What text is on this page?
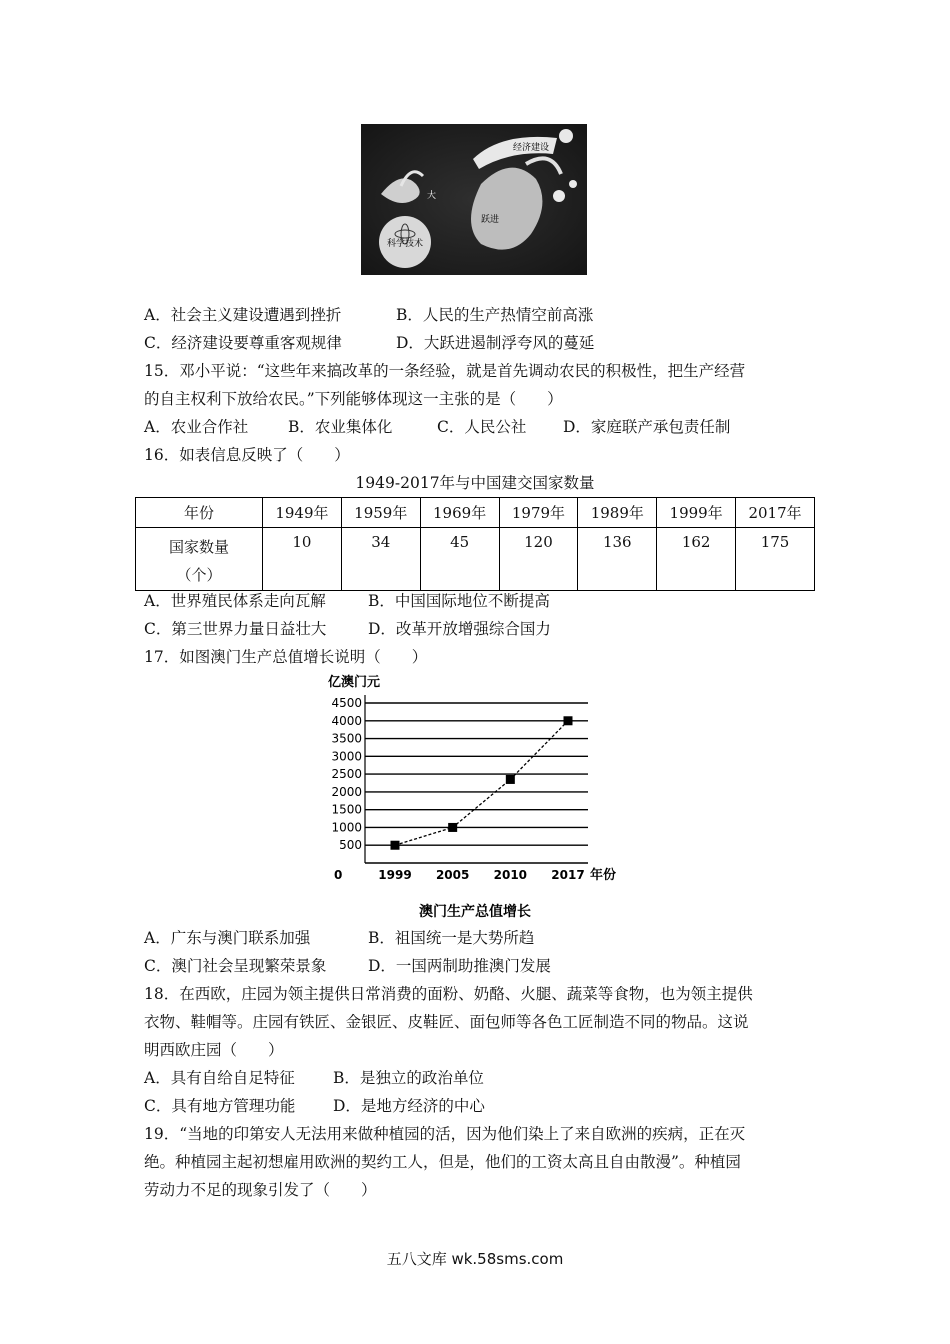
经济建设
科学技术
大
跃进
A．社会主义建设遭遇到挫折	B．人民的生产热情空前高涨
C．经济建设要尊重客观规律	D．大跃进遏制浮夸风的蔓延
15．邓小平说：“这些年来搞改革的一条经验，就是首先调动农民的积极性，把生产经营
的自主权利下放给农民。”下列能够体现这一主张的是（　　）
A．农业合作社	B．农业集体化	C．人民公社 D．家庭联产承包责任制
16．如表信息反映了（　　）
1949-2017年与中国建交国家数量
年份	1949年	1959年	1969年	1979年	1989年	1999年	2017年

国家数量
（个）	10	34	45	120	136	162	175
A．世界殖民体系走向瓦解	B．中国国际地位不断提高
C．第三世界力量日益壮大	D．改革开放增强综合国力
17．如图澳门生产总值增长说明（　　）
500
1000
1500
2000
2500
3000
3500
4000
4500
1999 2005 2010 2017
亿澳门元
年份
0
澳门生产总值增长
A．广东与澳门联系加强	B．祖国统一是大势所趋
C．澳门社会呈现繁荣景象	D．一国两制助推澳门发展
18．在西欧，庄园为领主提供日常消费的面粉、奶酪、火腿、蔬菜等食物，也为领主提供
衣物、鞋帽等。庄园有铁匠、金银匠、皮鞋匠、面包师等各色工匠制造不同的物品。这说
明西欧庄园（　　）
A．具有自给自足特征 B．是独立的政治单位
C．具有地方管理功能 D．是地方经济的中心
19．“当地的印第安人无法用来做种植园的活，因为他们染上了来自欧洲的疾病，正在灭
绝。种植园主起初想雇用欧洲的契约工人，但是，他们的工资太高且自由散漫”。种植园
劳动力不足的现象引发了（　　）
五八文库 wk.58sms.com
